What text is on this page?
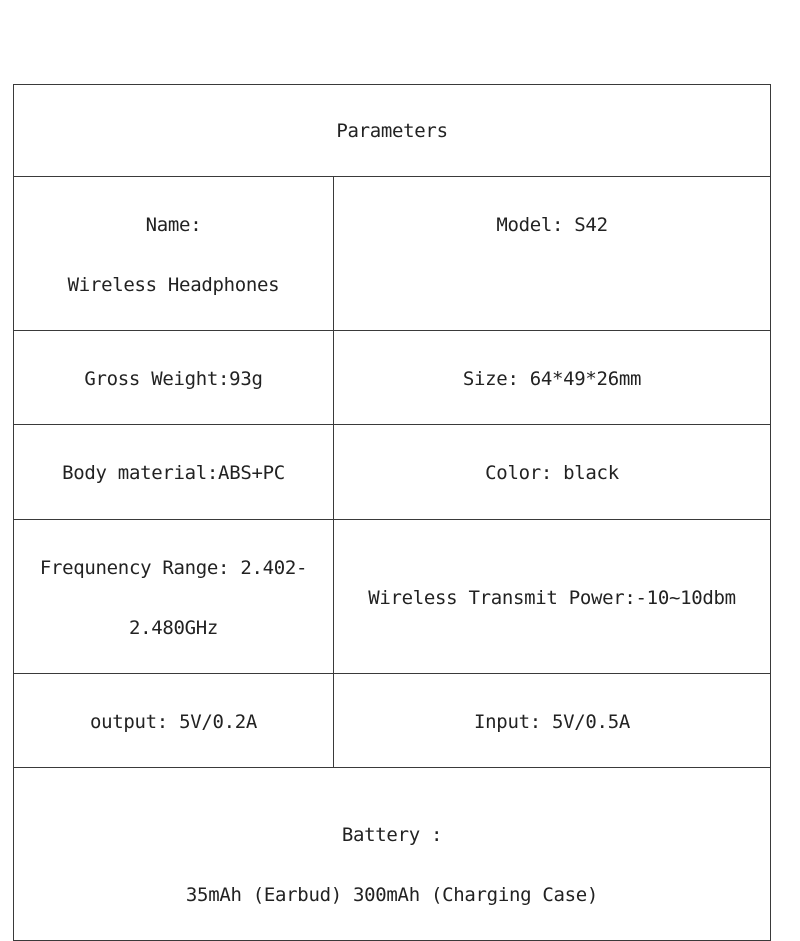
Parameters	

Name:

Wireless Headphones	Model: S42

Gross Weight:93g	Size: 64*49*26mm

Body material:ABS+PC	Color: black

Frequnency Range: 2.402-

2.480GHz	Wireless Transmit Power:-10~10dbm

output: 5V/0.2A	Input: 5V/0.5A

Battery :

35mAh (Earbud) 300mAh (Charging Case)	
